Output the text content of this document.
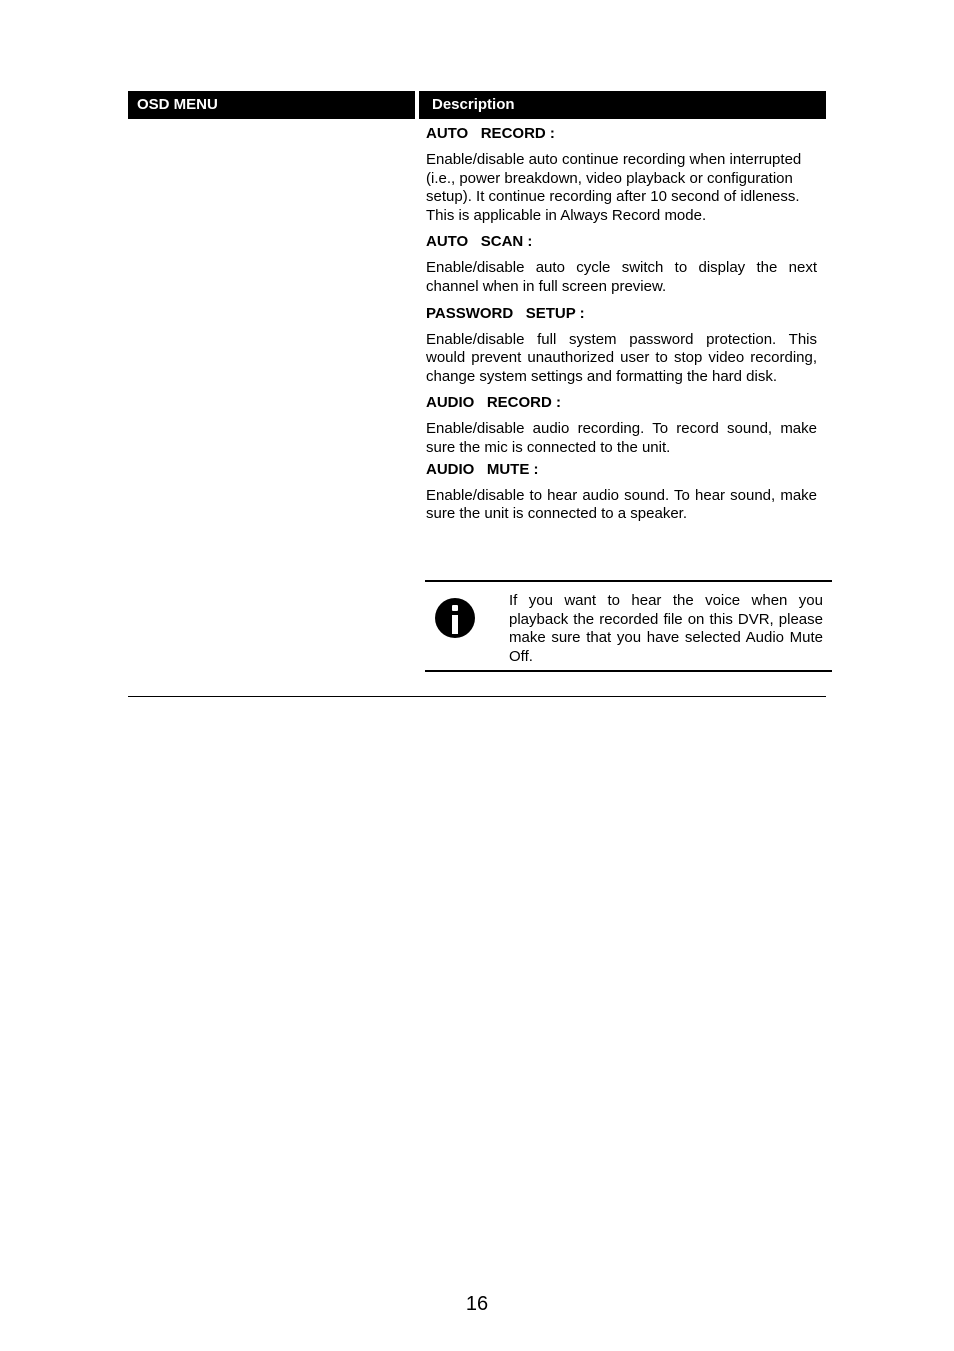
OSD MENU	Description
AUTO   RECORD :

Enable/disable auto continue recording when interrupted (i.e., power breakdown, video playback or configuration setup). It continue recording after 10 second of idleness. This is applicable in Always Record mode.

AUTO   SCAN :

Enable/disable auto cycle switch to display the next channel when in full screen preview.

PASSWORD   SETUP :

Enable/disable full system password protection. This would prevent unauthorized user to stop video recording, change system settings and formatting the hard disk.

AUDIO   RECORD :

Enable/disable audio recording. To record sound, make sure the mic is connected to the unit.

AUDIO   MUTE :

Enable/disable to hear audio sound. To hear sound, make sure the unit is connected to a speaker.

If you want to hear the voice when you playback the recorded file on this DVR, please make sure that you have selected Audio Mute Off.
16
